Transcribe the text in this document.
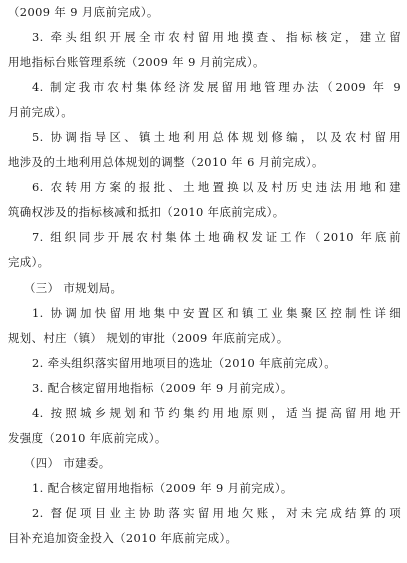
（2009 年 9 月底前完成）。
3. 牵头组织开展全市农村留用地摸查、指标核定，建立留
用地指标台账管理系统（2009 年 9 月前完成）。
4. 制定我市农村集体经济发展留用地管理办法（2009 年 9
月前完成）。
5. 协调指导区、镇土地利用总体规划修编，以及农村留用
地涉及的土地利用总体规划的调整（2010 年 6 月前完成）。
6. 农转用方案的报批、土地置换以及村历史违法用地和建
筑确权涉及的指标核减和抵扣（2010 年底前完成）。
7. 组织同步开展农村集体土地确权发证工作（2010 年底前
完成）。
（三） 市规划局。
1. 协调加快留用地集中安置区和镇工业集聚区控制性详细
规划、村庄（镇） 规划的审批（2009 年底前完成）。
2. 牵头组织落实留用地项目的选址（2010 年底前完成）。
3. 配合核定留用地指标（2009 年 9 月前完成）。
4. 按照城乡规划和节约集约用地原则，适当提高留用地开
发强度（2010 年底前完成）。
（四） 市建委。
1. 配合核定留用地指标（2009 年 9 月前完成）。
2. 督促项目业主协助落实留用地欠账，对未完成结算的项
目补充追加资金投入（2010 年底前完成）。
